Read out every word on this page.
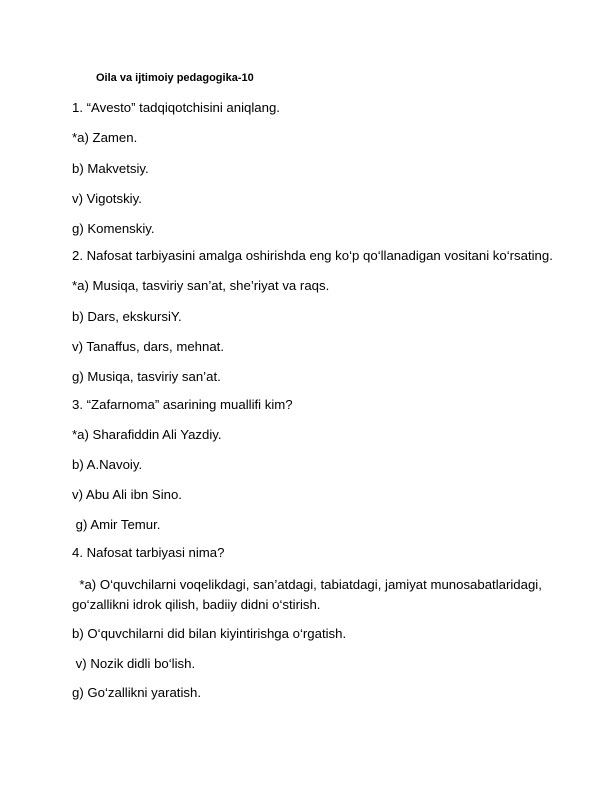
Oila va ijtimoiy pedagogika-10
1. “Avesto” tadqiqotchisini aniqlang.
*a) Zamen.
b) Makvetsiy.
v) Vigotskiy.
g) Komenskiy.
2. Nafosat tarbiyasini amalga oshirishda eng ko‘p qo‘llanadigan vositani ko‘rsating.
*a) Musiqa, tasviriy san’at, she’riyat va raqs.
b) Dars, ekskursiY.
v) Tanaffus, dars, mehnat.
g) Musiqa, tasviriy san’at.
3. “Zafarnoma” asarining muallifi kim?
*a) Sharafiddin Ali Yazdiy.
b) A.Navoiy.
v) Abu Ali ibn Sino.
g) Amir Temur.
4. Nafosat tarbiyasi nima?
*a) O‘quvchilarni voqelikdagi, san’atdagi, tabiatdagi, jamiyat munosabatlaridagi,
go‘zallikni idrok qilish, badiiy didni o‘stirish.
b) O‘quvchilarni did bilan kiyintirishga o‘rgatish.
v) Nozik didli bo‘lish.
g) Go‘zallikni yaratish.
